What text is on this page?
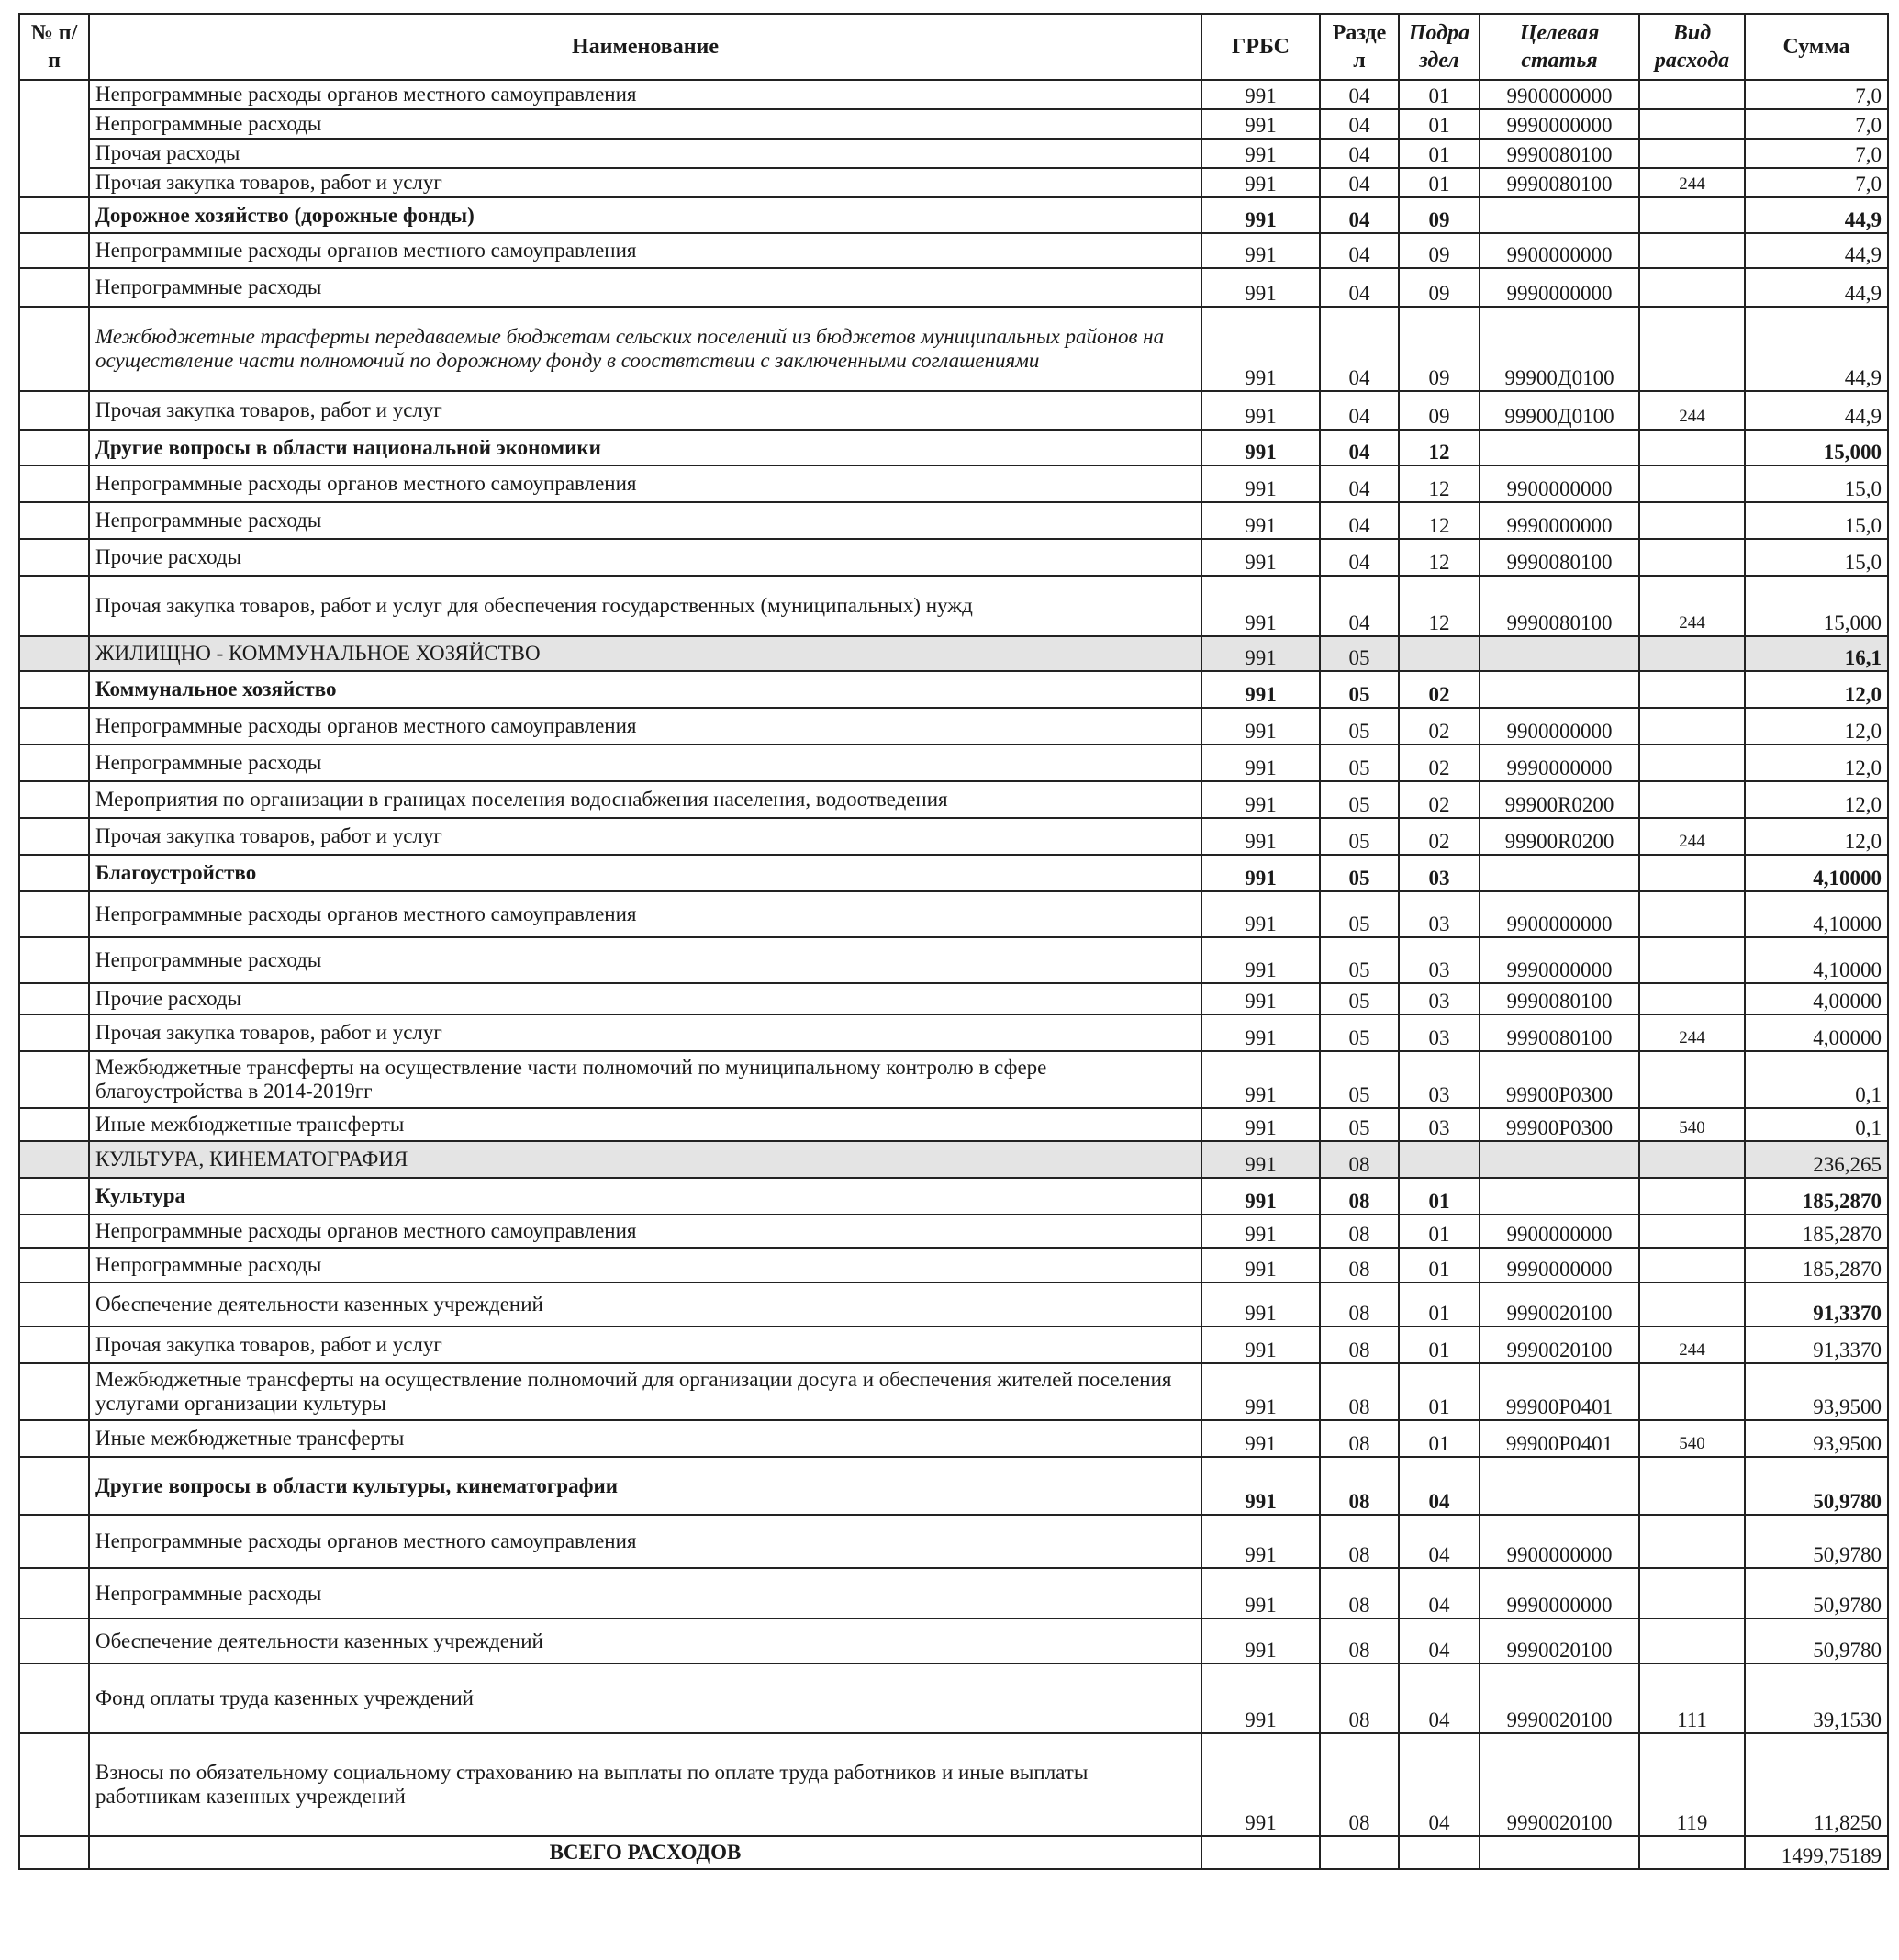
№ п/п	Наименование	ГРБС	Разде л	Подра здел	Целевая статья	Вид расхода	Сумма
	Непрограммные расходы органов местного самоуправления	991	04	01	9900000000		7,0
	Непрограммные расходы	991	04	01	9990000000		7,0
	Прочая расходы	991	04	01	9990080100		7,0
	Прочая закупка товаров, работ и услуг	991	04	01	9990080100	244	7,0
	Дорожное хозяйство (дорожные фонды)	991	04	09			44,9
	Непрограммные расходы органов местного самоуправления	991	04	09	9900000000		44,9
	Непрограммные расходы	991	04	09	9990000000		44,9
	Межбюджетные трасферты передаваемые бюджетам сельских поселений из бюджетов муниципальных районов на осуществление части полномочий по дорожному фонду в сооствтствии с заключенными соглашениями	991	04	09	99900Д0100		44,9
	Прочая закупка товаров, работ и услуг	991	04	09	99900Д0100	244	44,9
	Другие вопросы в области национальной экономики	991	04	12			15,000
	Непрограммные расходы органов местного самоуправления	991	04	12	9900000000		15,0
	Непрограммные расходы	991	04	12	9990000000		15,0
	Прочие расходы	991	04	12	9990080100		15,0
	Прочая закупка товаров, работ и услуг для обеспечения государственных (муниципальных) нужд	991	04	12	9990080100	244	15,000
	ЖИЛИЩНО - КОММУНАЛЬНОЕ ХОЗЯЙСТВО	991	05				16,1
	Коммунальное хозяйство	991	05	02			12,0
	Непрограммные расходы органов местного самоуправления	991	05	02	9900000000		12,0
	Непрограммные расходы	991	05	02	9990000000		12,0
	Мероприятия по организации в границах поселения водоснабжения населения, водоотведения	991	05	02	99900R0200		12,0
	Прочая закупка товаров, работ и услуг	991	05	02	99900R0200	244	12,0
	Благоустройство	991	05	03			4,10000
	Непрограммные расходы органов местного самоуправления	991	05	03	9900000000		4,10000
	Непрограммные расходы	991	05	03	9990000000		4,10000
	Прочие расходы	991	05	03	9990080100		4,00000
	Прочая закупка товаров, работ и услуг	991	05	03	9990080100	244	4,00000
	Межбюджетные трансферты на осуществление части полномочий по муниципальному контролю в сфере благоустройства в 2014-2019гг	991	05	03	99900P0300		0,1
	Иные межбюджетные трансферты	991	05	03	99900P0300	540	0,1
	КУЛЬТУРА, КИНЕМАТОГРАФИЯ	991	08				236,265
	Культура	991	08	01			185,2870
	Непрограммные расходы органов местного самоуправления	991	08	01	9900000000		185,2870
	Непрограммные расходы	991	08	01	9990000000		185,2870
	Обеспечение деятельности казенных учреждений	991	08	01	9990020100		91,3370
	Прочая закупка товаров, работ и услуг	991	08	01	9990020100	244	91,3370
	Межбюджетные трансферты на осуществление полномочий для организации досуга и обеспечения жителей поселения услугами организации культуры	991	08	01	99900P0401		93,9500
	Иные межбюджетные трансферты	991	08	01	99900P0401	540	93,9500
	Другие вопросы в области культуры, кинематографии	991	08	04			50,9780
	Непрограммные расходы органов местного самоуправления	991	08	04	9900000000		50,9780
	Непрограммные расходы	991	08	04	9990000000		50,9780
	Обеспечение деятельности казенных учреждений	991	08	04	9990020100		50,9780
	Фонд оплаты труда казенных учреждений	991	08	04	9990020100	111	39,1530
	Взносы по обязательному социальному страхованию на выплаты по оплате труда работников и иные выплаты работникам казенных учреждений	991	08	04	9990020100	119	11,8250
	ВСЕГО РАСХОДОВ						1499,75189
